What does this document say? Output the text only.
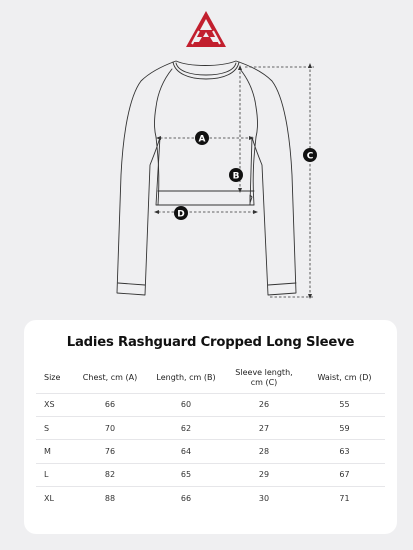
A
B
C
D
Ladies Rashguard Cropped Long Sleeve
Size	Chest, cm (A)	Length, cm (B)	Sleeve length,
cm (C)	Waist, cm (D)
XS	66	60	26	55
S	70	62	27	59
M	76	64	28	63
L	82	65	29	67
XL	88	66	30	71
